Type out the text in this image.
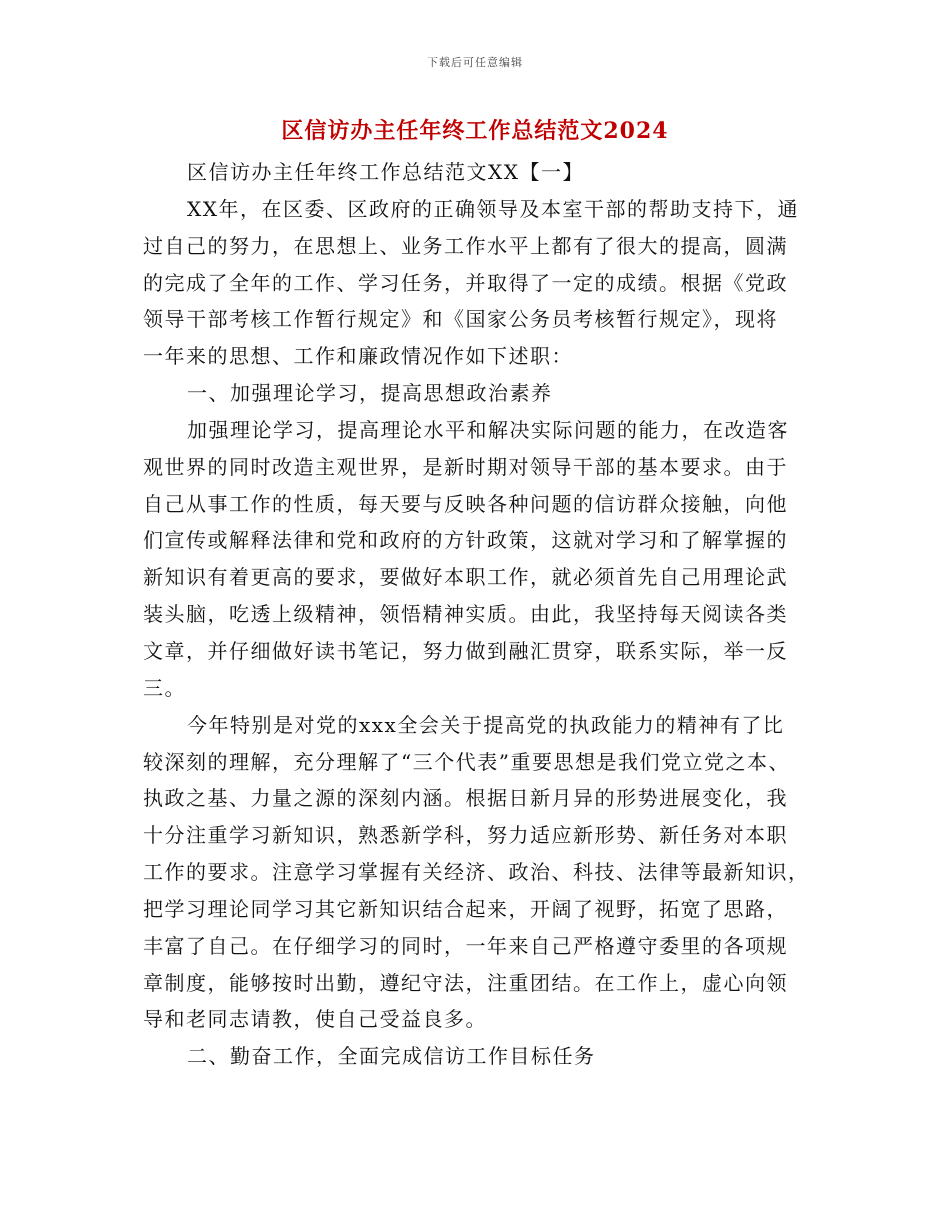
下载后可任意编辑
区信访办主任年终工作总结范文2024
区信访办主任年终工作总结范文XX【一】
XX年，在区委、区政府的正确领导及本室干部的帮助支持下，通
过自己的努力，在思想上、业务工作水平上都有了很大的提高，圆满
的完成了全年的工作、学习任务，并取得了一定的成绩。根据《党政
领导干部考核工作暂行规定》和《国家公务员考核暂行规定》，现将
一年来的思想、工作和廉政情况作如下述职：
一、加强理论学习，提高思想政治素养
加强理论学习，提高理论水平和解决实际问题的能力，在改造客
观世界的同时改造主观世界，是新时期对领导干部的基本要求。由于
自己从事工作的性质，每天要与反映各种问题的信访群众接触，向他
们宣传或解释法律和党和政府的方针政策，这就对学习和了解掌握的
新知识有着更高的要求，要做好本职工作，就必须首先自己用理论武
装头脑，吃透上级精神，领悟精神实质。由此，我坚持每天阅读各类
文章，并仔细做好读书笔记，努力做到融汇贯穿，联系实际，举一反
三。
今年特别是对党的xxx全会关于提高党的执政能力的精神有了比
较深刻的理解，充分理解了“三个代表”重要思想是我们党立党之本、
执政之基、力量之源的深刻内涵。根据日新月异的形势进展变化，我
十分注重学习新知识，熟悉新学科，努力适应新形势、新任务对本职
工作的要求。注意学习掌握有关经济、政治、科技、法律等最新知识，
把学习理论同学习其它新知识结合起来，开阔了视野，拓宽了思路，
丰富了自己。在仔细学习的同时，一年来自己严格遵守委里的各项规
章制度，能够按时出勤，遵纪守法，注重团结。在工作上，虚心向领
导和老同志请教，使自己受益良多。
二、勤奋工作，全面完成信访工作目标任务
